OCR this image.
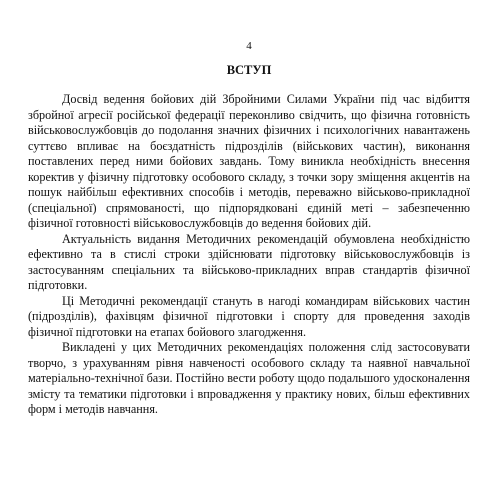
4
ВСТУП

Досвід ведення бойових дій Збройними Силами України під час відбиття збройної агресії російської федерації переконливо свідчить, що фізична готовність військовослужбовців до подолання значних фізичних і психологічних навантажень суттєво впливає на боєздатність підрозділів (військових частин), виконання поставлених перед ними бойових завдань. Тому виникла необхідність внесення коректив у фізичну підготовку особового складу, з точки зору зміщення акцентів на пошук найбільш ефективних способів і методів, переважно військово-прикладної (спеціальної) спрямованості, що підпорядковані єдиній меті – забезпеченню фізичної готовності військовослужбовців до ведення бойових дій.

Актуальність видання Методичних рекомендацій обумовлена необхідністю ефективно та в стислі строки здійснювати підготовку військовослужбовців із застосуванням спеціальних та військово-прикладних вправ стандартів фізичної підготовки.

Ці Методичні рекомендації стануть в нагоді командирам військових частин (підрозділів), фахівцям фізичної підготовки і спорту для проведення заходів фізичної підготовки на етапах бойового злагодження.

Викладені у цих Методичних рекомендаціях положення слід застосовувати творчо, з урахуванням рівня навченості особового складу та наявної навчальної матеріально-технічної бази. Постійно вести роботу щодо подальшого удосконалення змісту та тематики підготовки і впровадження у практику нових, більш ефективних форм і методів навчання.
